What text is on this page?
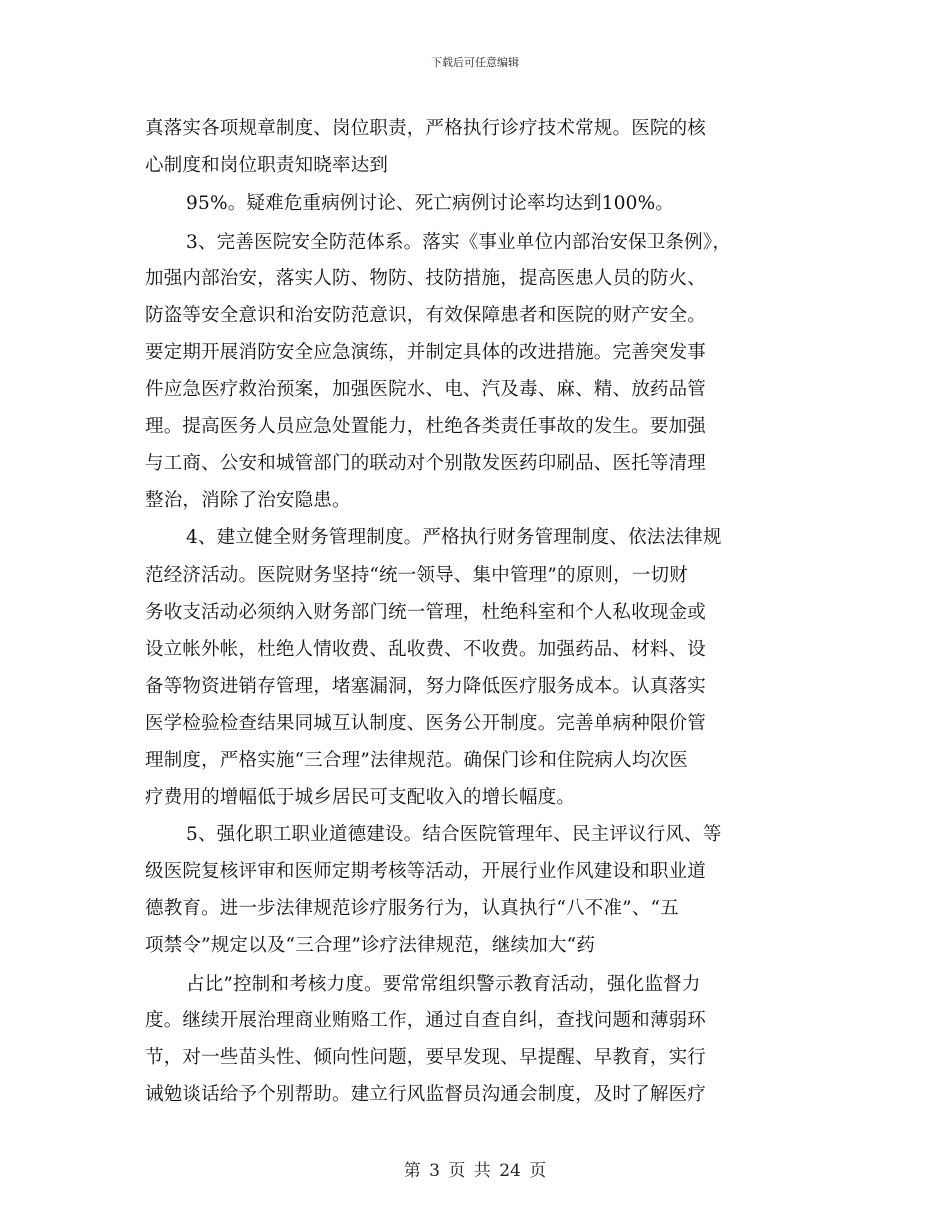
下载后可任意编辑
真落实各项规章制度、岗位职责，严格执行诊疗技术常规。医院的核
心制度和岗位职责知晓率达到
95%。疑难危重病例讨论、死亡病例讨论率均达到100%。
3、完善医院安全防范体系。落实《事业单位内部治安保卫条例》，
加强内部治安，落实人防、物防、技防措施，提高医患人员的防火、
防盗等安全意识和治安防范意识，有效保障患者和医院的财产安全。
要定期开展消防安全应急演练，并制定具体的改进措施。完善突发事
件应急医疗救治预案，加强医院水、电、汽及毒、麻、精、放药品管
理。提高医务人员应急处置能力，杜绝各类责任事故的发生。要加强
与工商、公安和城管部门的联动对个别散发医药印刷品、医托等清理
整治，消除了治安隐患。
4、建立健全财务管理制度。严格执行财务管理制度、依法法律规
范经济活动。医院财务坚持“统一领导、集中管理”的原则，一切财
务收支活动必须纳入财务部门统一管理，杜绝科室和个人私收现金或
设立帐外帐，杜绝人情收费、乱收费、不收费。加强药品、材料、设
备等物资进销存管理，堵塞漏洞，努力降低医疗服务成本。认真落实
医学检验检查结果同城互认制度、医务公开制度。完善单病种限价管
理制度，严格实施“三合理”法律规范。确保门诊和住院病人均次医
疗费用的增幅低于城乡居民可支配收入的增长幅度。
5、强化职工职业道德建设。结合医院管理年、民主评议行风、等
级医院复核评审和医师定期考核等活动，开展行业作风建设和职业道
德教育。进一步法律规范诊疗服务行为，认真执行“八不准”、“五
项禁令”规定以及“三合理”诊疗法律规范，继续加大“药
占比”控制和考核力度。要常常组织警示教育活动，强化监督力
度。继续开展治理商业贿赂工作，通过自查自纠，查找问题和薄弱环
节，对一些苗头性、倾向性问题，要早发现、早提醒、早教育，实行
诫勉谈话给予个别帮助。建立行风监督员沟通会制度，及时了解医疗
第 3 页 共 24 页
